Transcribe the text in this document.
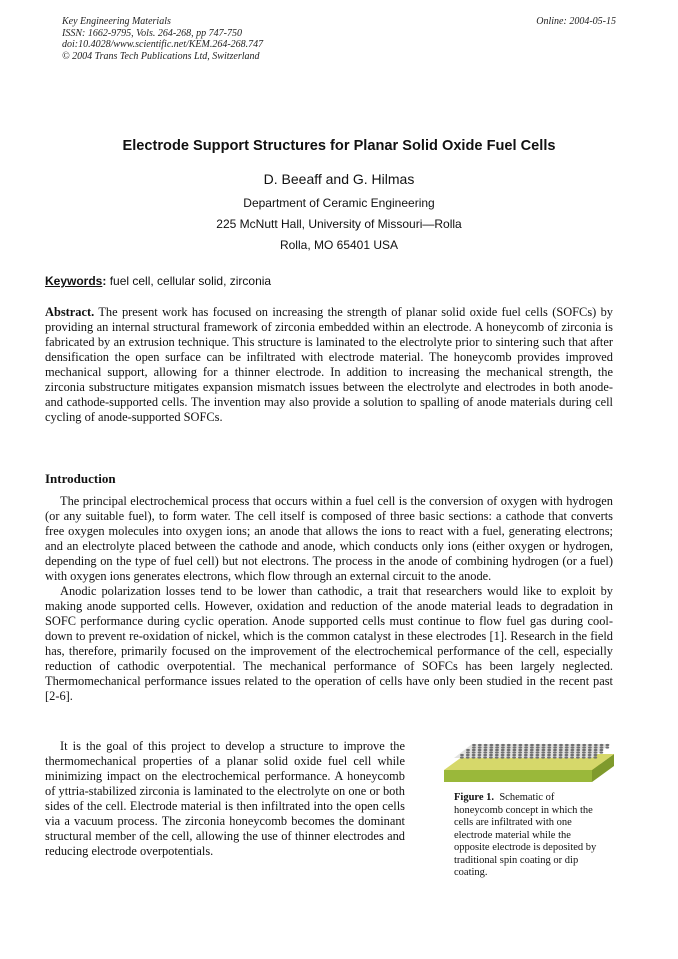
Key Engineering Materials
ISSN: 1662-9795, Vols. 264-268, pp 747-750
doi:10.4028/www.scientific.net/KEM.264-268.747
© 2004 Trans Tech Publications Ltd, Switzerland
Online: 2004-05-15
Electrode Support Structures for Planar Solid Oxide Fuel Cells
D. Beeaff and G. Hilmas
Department of Ceramic Engineering
225 McNutt Hall, University of Missouri—Rolla
Rolla, MO 65401 USA
Keywords: fuel cell, cellular solid, zirconia

Abstract. The present work has focused on increasing the strength of planar solid oxide fuel cells (SOFCs) by providing an internal structural framework of zirconia embedded within an electrode. A honeycomb of zirconia is fabricated by an extrusion technique. This structure is laminated to the electrolyte prior to sintering such that after densification the open surface can be infiltrated with electrode material. The honeycomb provides improved mechanical support, allowing for a thinner electrode. In addition to increasing the mechanical strength, the zirconia substructure mitigates expansion mismatch issues between the electrolyte and electrodes in both anode- and cathode-supported cells. The invention may also provide a solution to spalling of anode materials during cell cycling of anode-supported SOFCs.

Introduction

The principal electrochemical process that occurs within a fuel cell is the conversion of oxygen with hydrogen (or any suitable fuel), to form water. The cell itself is composed of three basic sections: a cathode that converts free oxygen molecules into oxygen ions; an anode that allows the ions to react with a fuel, generating electrons; and an electrolyte placed between the cathode and anode, which conducts only ions (either oxygen or hydrogen, depending on the type of fuel cell) but not electrons. The process in the anode of combining hydrogen (or a fuel) with oxygen ions generates electrons, which flow through an external circuit to the anode.

Anodic polarization losses tend to be lower than cathodic, a trait that researchers would like to exploit by making anode supported cells. However, oxidation and reduction of the anode material leads to degradation in SOFC performance during cyclic operation. Anode supported cells must continue to flow fuel gas during cool-down to prevent re-oxidation of nickel, which is the common catalyst in these electrodes [1]. Research in the field has, therefore, primarily focused on the improvement of the electrochemical performance of the cell, especially reduction of cathodic overpotential. The mechanical performance of SOFCs has been largely neglected. Thermomechanical performance issues related to the operation of cells have only been studied in the recent past [2-6].

It is the goal of this project to develop a structure to improve the thermomechanical properties of a planar solid oxide fuel cell while minimizing impact on the electrochemical performance. A honeycomb of yttria-stabilized zirconia is laminated to the electrolyte on one or both sides of the cell. Electrode material is then infiltrated into the open cells via a vacuum process. The zirconia honeycomb becomes the dominant structural member of the cell, allowing the use of thinner electrodes and reducing electrode overpotentials.

Figure 1. Schematic of honeycomb concept in which the cells are infiltrated with one electrode material while the opposite electrode is deposited by traditional spin coating or dip coating.
